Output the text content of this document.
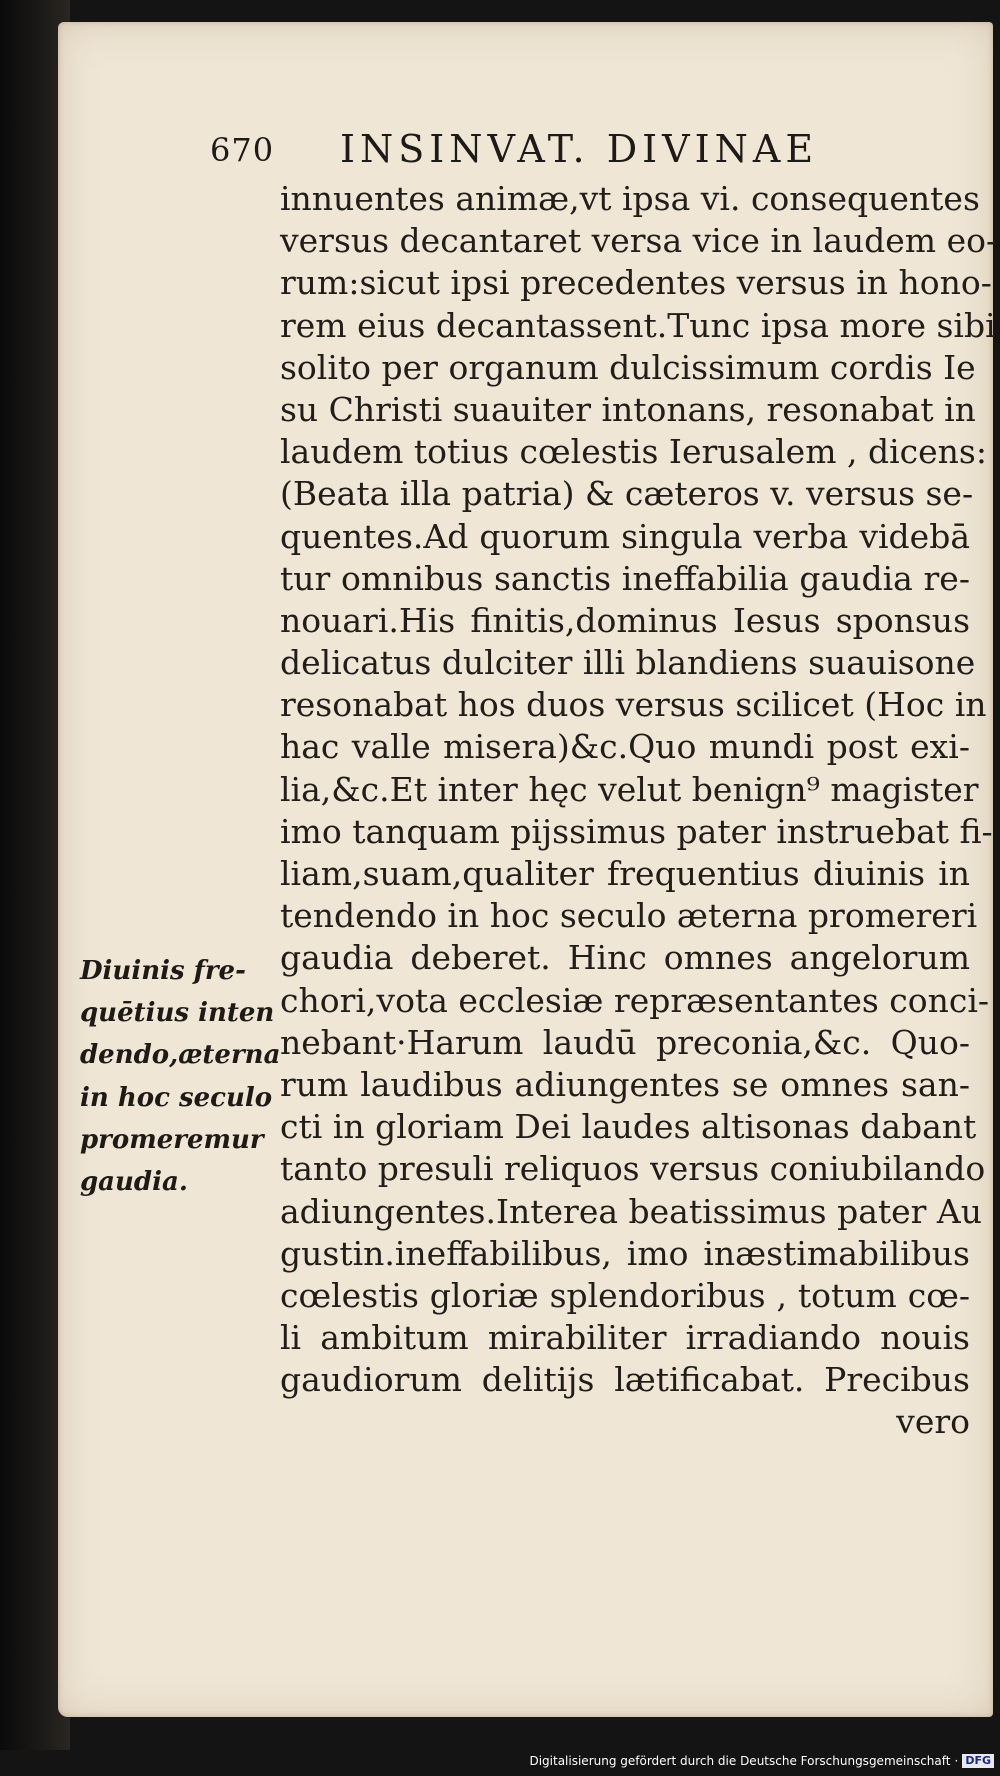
670 INSINVAT. DIVINAE
innuentes animæ,vt ipsa vi. consequentes
versus decantaret versa vice in laudem eo-
rum:sicut ipsi precedentes versus in hono-
rem eius decantassent.Tunc ipsa more sibi
solito per organum dulcissimum cordis Ie
su Christi suauiter intonans, resonabat in
laudem totius cœlestis Ierusalem , dicens:
(Beata illa patria) & cæteros v. versus se-
quentes.Ad quorum singula verba videbā
tur omnibus sanctis ineffabilia gaudia re-
nouari.His finitis,dominus Iesus sponsus
delicatus dulciter illi blandiens suauisone
resonabat hos duos versus scilicet (Hoc in
hac valle misera)&c.Quo mundi post exi-
lia,&c.Et inter hęc velut benign⁹ magister
imo tanquam pijssimus pater instruebat fi-
liam,suam,qualiter frequentius diuinis in
tendendo in hoc seculo æterna promereri
gaudia deberet. Hinc omnes angelorum
chori,vota ecclesiæ repræsentantes conci-
nebant·Harum laudū preconia,&c. Quo-
rum laudibus adiungentes se omnes san-
cti in gloriam Dei laudes altisonas dabant
tanto presuli reliquos versus coniubilando
adiungentes.Interea beatissimus pater Au
gustin.ineffabilibus, imo inæstimabilibus
cœlestis gloriæ splendoribus , totum cœ-
li ambitum mirabiliter irradiando nouis
gaudiorum delitijs lætificabat. Precibus
vero
Diuinis fre-
quētius inten
dendo,æterna
in hoc seculo
promeremur
gaudia.
Digitalisierung gefördert durch die Deutsche Forschungsgemeinschaft · DFG
